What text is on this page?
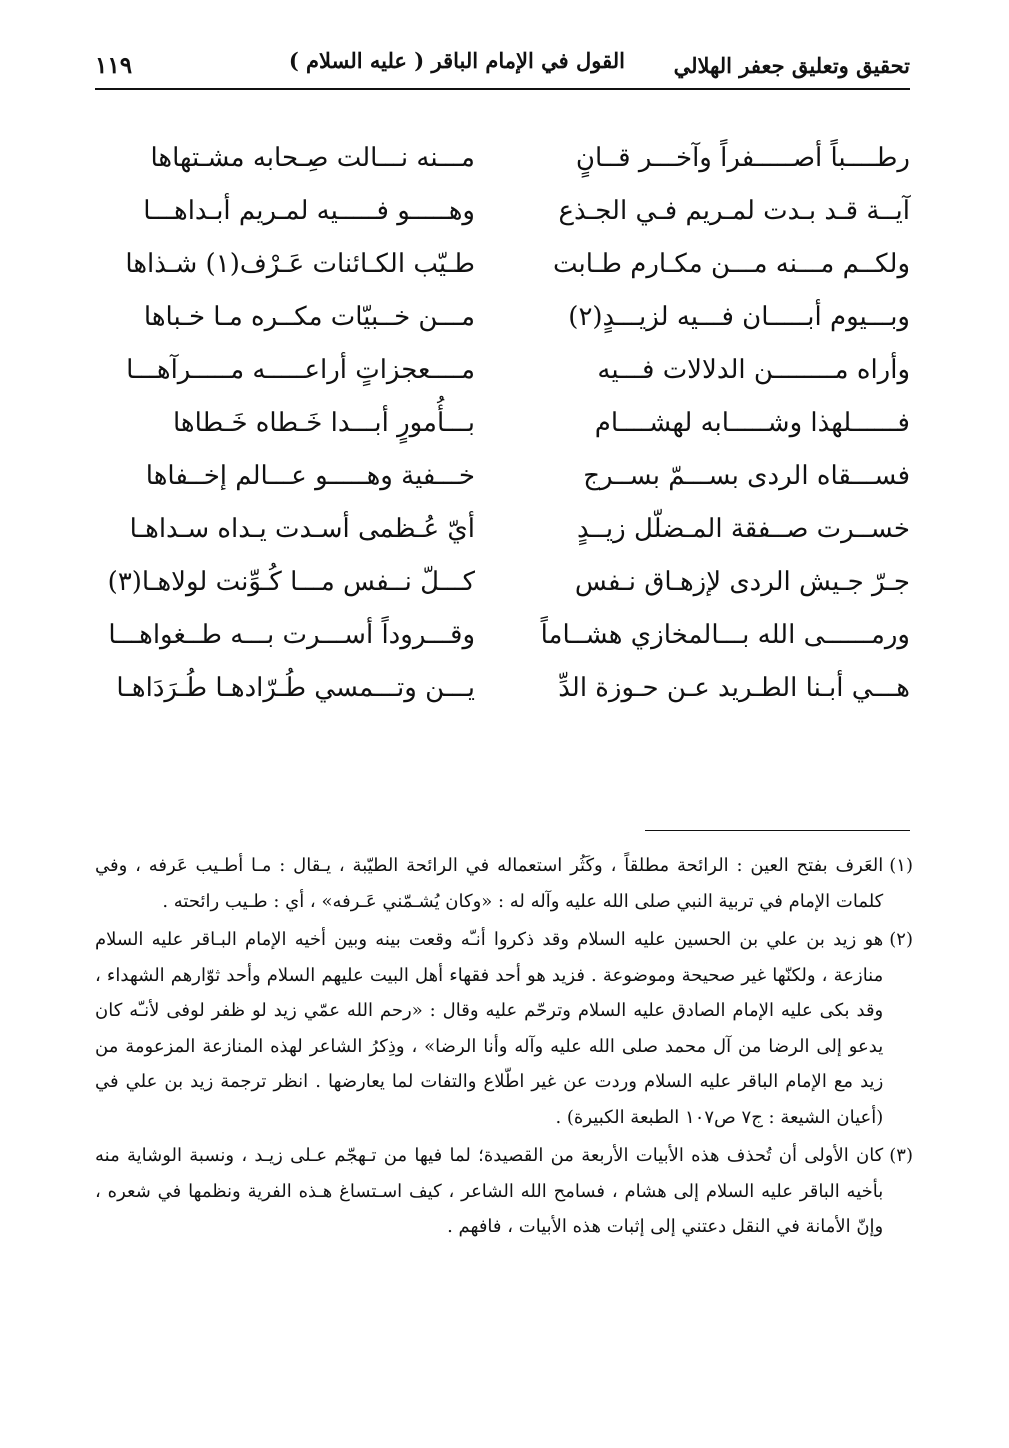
تحقيق وتعليق جعفر الهلالي
القول في الإمام الباقر ( عليه السلام )
١١٩
رطــــباً أصـــــفراً وآخـــر قــانٍ
مـــنه نـــالت صِـحابه مشـتهاها
آيــة قـد بـدت لمـريم فـي الجـذع
وهـــــو فـــــيه لمـريم أبـداهـــا
ولكــم مـــنه مـــن مكـارم طـابت
طـيّب الكـائنات عَـرْف(١) شـذاها
وبـــيوم أبـــــان فـــيه لزيـــدٍ(٢)
مـــن خــبيّات مكــره مـا خـباها
وأراه مــــــــن الدلالات فـــيه
مــــعجزاتٍ أراعـــــه مـــــرآهـــا
فــــــلهذا وشـــــابه لهشــــام
بـــأُمورٍ أبـــدا خَـطاه خَـطاها
فســـقاه الردى بســـمّ بســرج
خـــفية وهـــــو عـــالم إخــفاها
خســرت صــفقة المـضلّل زيــدٍ
أيّ عُـظمى أسـدت يـداه سـداهـا
جـرّ جـيش الردى لإزهـاق نـفس
كـــلّ نــفس مـــا كُـوِّنت لولاهـا(٣)
ورمــــــى الله بـــالمخازي هشــاماً
وقـــروداً أســـرت بـــه طــغواهـــا
هـــي أبـنا الطـريد عـن حـوزة الدِّ
يـــن وتـــمسي طُـرّادهـا طُـرَدَاهـا
(١)
العَرف بفتح العين : الرائحة مطلقاً ، وكَثُر استعماله في الرائحة الطيّبة ، يـقال : مـا أطـيب عَرفه ، وفي كلمات الإمام في تربية النبي صلى الله عليه وآله له : «وكان يُشـمّني عَـرفه» ، أي : طـيب رائحته .
(٢)
هو زيد بن علي بن الحسين عليه السلام وقد ذكروا أنـّه وقعت بينه وبين أخيه الإمام البـاقر عليه السلام منازعة ، ولكنّها غير صحيحة وموضوعة . فزيد هو أحد فقهاء أهل البيت عليهم السلام وأحد ثوّارهم الشهداء ، وقد بكى عليه الإمام الصادق عليه السلام وترحّم عليه وقال : «رحم الله عمّي زيد لو ظفر لوفى لأنـّه كان يدعو إلى الرضا من آل محمد صلى الله عليه وآله وأنا الرضا» ، وذِكرُ الشاعر لهذه المنازعة المزعومة من زيد مع الإمام الباقر عليه السلام وردت عن غير اطّلاع والتفات لما يعارضها . انظر ترجمة زيد بن علي في (أعيان الشيعة : ج٧ ص١٠٧ الطبعة الكبيرة) .
(٣)
كان الأولى أن تُحذف هذه الأبيات الأربعة من القصيدة؛ لما فيها من تـهجّم عـلى زيـد ، ونسبة الوشاية منه بأخيه الباقر عليه السلام إلى هشام ، فسامح الله الشاعر ، كيف اسـتساغ هـذه الفرية ونظمها في شعره ، وإنّ الأمانة في النقل دعتني إلى إثبات هذه الأبيات ، فافهم .
